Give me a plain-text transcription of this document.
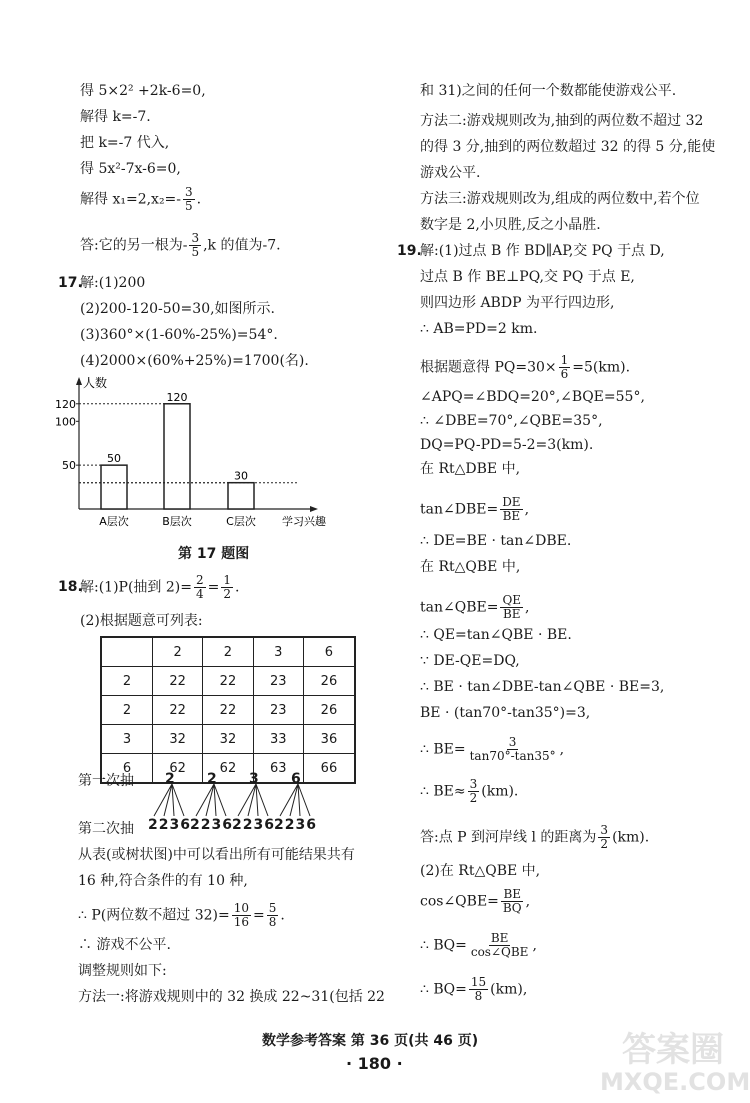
得 5×2² +2k-6=0,
解得 k=-7.
把 k=-7 代入,
得 5x²-7x-6=0,
解得 $x_1=2,x_2=- \frac{3}{5}$ .
答:它的另一根为- $\frac{3}{5} ,k$ 的值为-7.
17.
解:(1)200
(2)200-120-50=30,如图所示.
(3)360°×(1-60%-25%)=54°.
(4)2000×(60%+25%)=1700(名).
人数
学习兴趣
50
100
120
50
A层次
120
B层次
30
C层次
第 17 题图
18.
解:(1)P(抽到 $2)= \frac{2}{4} = \frac{1}{2}$ .
(2)根据题意可列表:
	2	2	3	6
2	22	22	23	26
2	22	22	23	26
3	32	32	33	36
6	62	62	63	66
第一次抽
第二次抽
2 2 3 6
2236 2236 2236 2236
从表(或树状图)中可以看出所有可能结果共有
16 种,符合条件的有 10 种,
∴ P(两位数不超过 $32)= \frac{10}{16} = \frac{5}{8}$ .
∴ 游戏不公平.
调整规则如下:
方法一:将游戏规则中的 32 换成 22~31(包括 22
和 31)之间的任何一个数都能使游戏公平.
方法二:游戏规则改为,抽到的两位数不超过 32
的得 3 分,抽到的两位数超过 32 的得 5 分,能使
游戏公平.
方法三:游戏规则改为,组成的两位数中,若个位
数字是 2,小贝胜,反之小晶胜.
19.
解:(1)过点 B 作 BD∥AP,交 PQ 于点 D,
过点 B 作 BE⊥PQ,交 PQ 于点 E,
则四边形 ABDP 为平行四边形,
∴ AB=PD=2 km.
根据题意得 $PQ=30\times \frac{1}{6} =5(km)$.
∠APQ=∠BDQ=20°,∠BQE=55°,
∴ ∠DBE=70°,∠QBE=35°,
DQ=PQ-PD=5-2=3(km).
在 Rt△DBE 中,
tan∠DBE= $\frac{DE}{BE}$ ,
∴ DE=BE · tan∠DBE.
在 Rt△QBE 中,
tan∠QBE= $\frac{QE}{BE}$ ,
∴ QE=tan∠QBE · BE.
∵ DE-QE=DQ,
∴ BE · tan∠DBE-tan∠QBE · BE=3,
BE · (tan70°-tan35°)=3,
∴ $BE= \frac{3}{\tan 70^\circ-\tan 35^\circ}$ ,
∴ $BE\approx \frac{3}{2} (km)$.
答:点 P 到河岸线 l 的距离为 $\frac{3}{2} (km)$.
(2)在 Rt△QBE 中,
cos∠QBE= $\frac{BE}{BQ}$ ,
∴ $BQ= \frac{BE}{\text{cos∠QBE}}$ ,
∴ $BQ= \frac{15}{8} (km)$,
数学参考答案 第 36 页(共 46 页)
· 180 ·	答案圈
MXQE.COM
